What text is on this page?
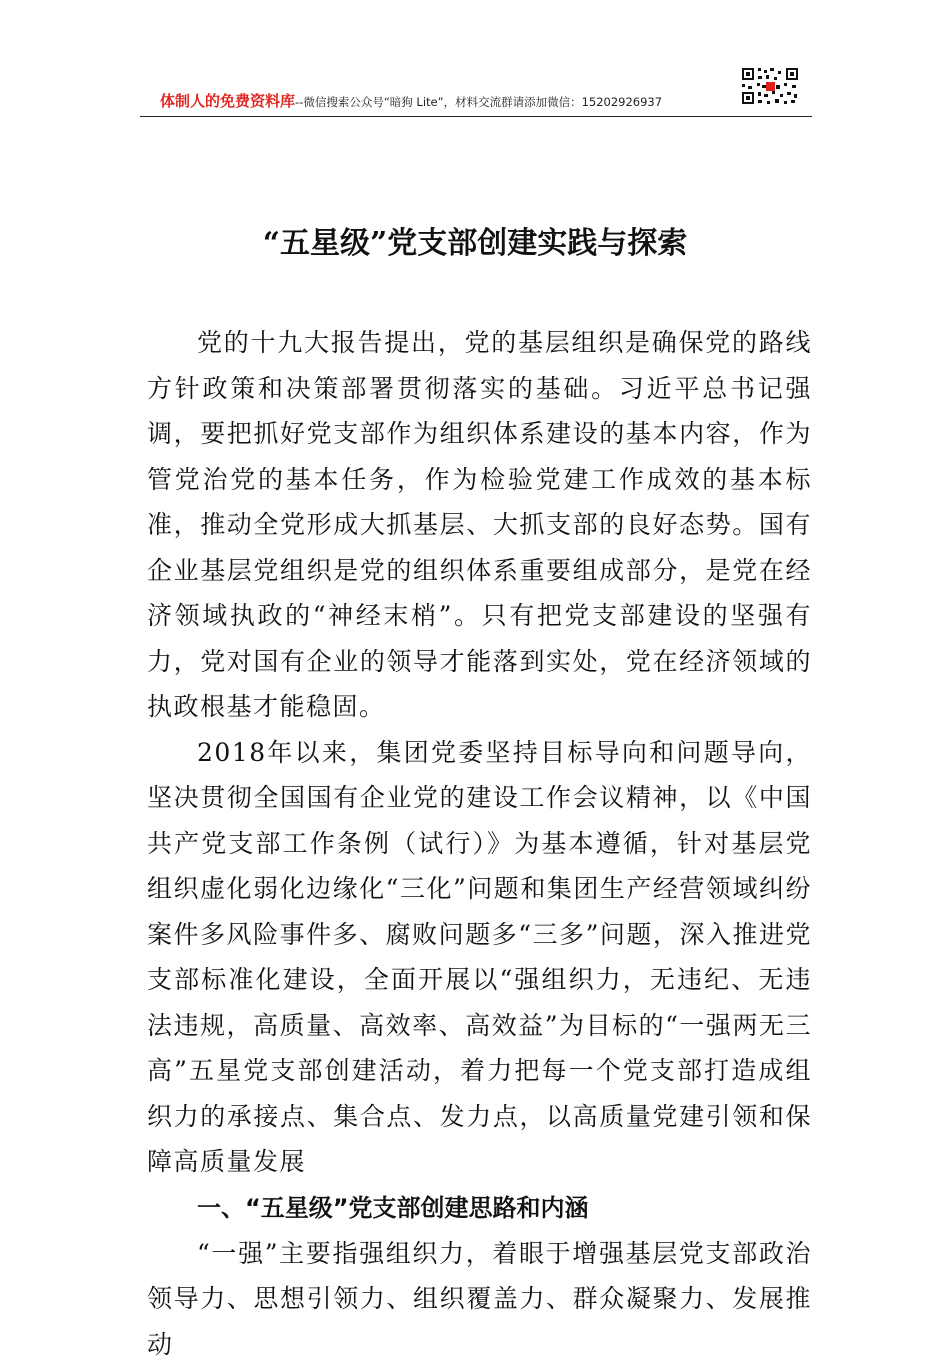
体制人的免费资料库--微信搜索公众号“暗狗 Lite”，材料交流群请添加微信：15202926937
“五星级”党支部创建实践与探索

党的十九大报告提出，党的基层组织是确保党的路线方针政策和决策部署贯彻落实的基础。习近平总书记强调，要把抓好党支部作为组织体系建设的基本内容，作为管党治党的基本任务，作为检验党建工作成效的基本标准，推动全党形成大抓基层、大抓支部的良好态势。国有企业基层党组织是党的组织体系重要组成部分，是党在经济领域执政的“神经末梢”。只有把党支部建设的坚强有力，党对国有企业的领导才能落到实处，党在经济领域的执政根基才能稳固。

2018年以来，集团党委坚持目标导向和问题导向，坚决贯彻全国国有企业党的建设工作会议精神，以《中国共产党支部工作条例（试行）》为基本遵循，针对基层党组织虚化弱化边缘化“三化”问题和集团生产经营领域纠纷案件多风险事件多、腐败问题多“三多”问题，深入推进党支部标准化建设，全面开展以“强组织力，无违纪、无违法违规，高质量、高效率、高效益”为目标的“一强两无三高”五星党支部创建活动，着力把每一个党支部打造成组织力的承接点、集合点、发力点，以高质量党建引领和保障高质量发展

一、“五星级”党支部创建思路和内涵

“一强”主要指强组织力，着眼于增强基层党支部政治领导力、思想引领力、组织覆盖力、群众凝聚力、发展推动
